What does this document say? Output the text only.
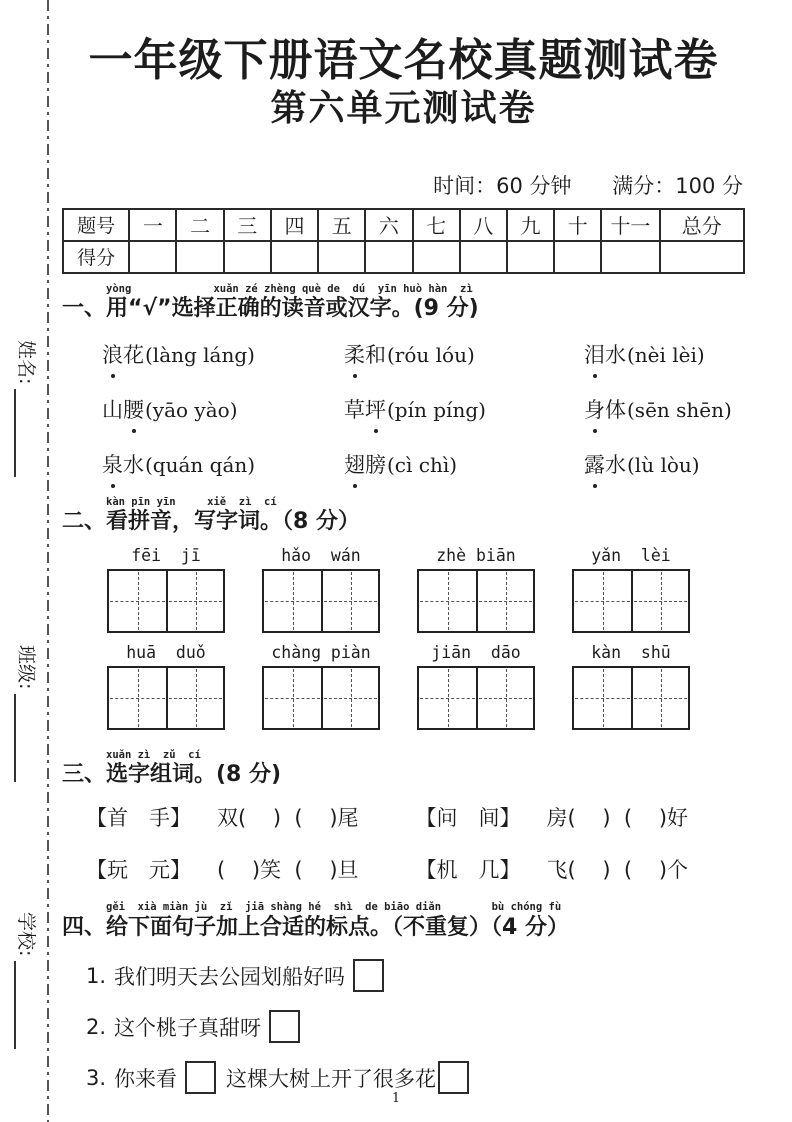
姓名:
班级:
学校:
一年级下册语文名校真题测试卷
第六单元测试卷
时间：60 分钟 满分：100 分
题号	一	二	三	四	五	六	七	八	九	十	十一	总分
得分												
yòng             xuǎn zé zhèng què de  dú  yīn huò hàn  zì
一、用“√”选择正确的读音或汉字。(9 分)
浪花(làng láng)	柔和(róu lóu)	泪水(nèi lèi)
山腰(yāo yào)	草坪(pín píng)	身体(sēn shēn)
泉水(quán qán)	翅膀(cì chì)	露水(lù lòu)
kàn pīn yīn     xiě  zì  cí
二、看拼音，写字词。（8 分）
fēi  jī	hǎo  wán	zhè biān	yǎn  lèi
huā  duǒ	chàng piàn	jiān  dāo	kàn  shū
xuǎn zì  zǔ  cí
三、选字组词。(8 分)
【首　手】 双(    )  (    )尾	【问　间】 房(    )  (    )好
【玩　元】 (    )笑  (    )旦	【机　几】 飞(    )  (    )个
gěi  xià miàn jù  zǐ  jiā shàng hé  shì  de biāo diǎn        bù chóng fù
四、给下面句子加上合适的标点。（不重复）（4 分）
1. 我们明天去公园划船好吗
2. 这个桃子真甜呀
3. 你来看 这棵大树上开了很多花
1
